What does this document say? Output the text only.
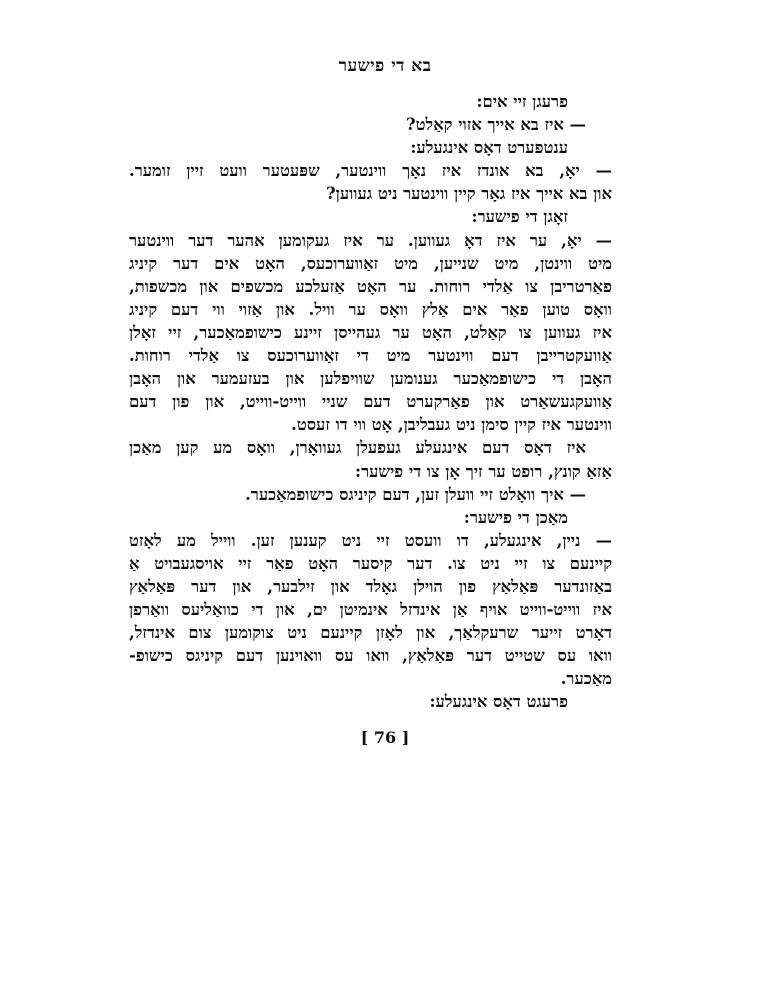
בא די פישער
פרעגן זיי אים:
— איז בא אייך אזוי קאַלט?
ענטפערט דאָס אינגעלע:
— יאָ, בא אונדז איז נאָך ווינטער, שפּעטער וועט זיין זומער.
און בא אייך איז גאָר קיין ווינטער ניט געווען?
זאָגן די פישער:
— יאָ, ער איז דאָ געווען. ער איז געקומען אהער דער ווינטער
מיט ווינטן, מיט שנייען, מיט זאַווערוכעס, האָט אים דער קיניג
פאַרטריבן צו אַלדי רוחות. ער האָט אַזעלכע מכשפים און מכשפות,
וואָס טוען פאַר אים אַלץ וואָס ער וויל. און אַזוי ווי דעם קיניג
איז געווען צו קאַלט, האָט ער געהייסן זיינע כישופמאַכער, זיי זאָלן
אַוועקטרייבן דעם ווינטער מיט די זאַווערוכעס צו אַלדי רוחות.
האָבן די כישופמאַכער גענומען שוויפלען און בעזעמער און האָבן
אַוועקגעשאַרט און פאַרקערט דעם שניי ווייט-ווייט, און פון דעם
ווינטער איז קיין סימן ניט געבליבן, אָט ווי דו זעסט.
איז דאָס דעם אינגעלע געפעלן געוואָרן, וואָס מע קען מאַכן
אַזאַ קונץ, רופט ער זיך אָן צו די פישער:
— איך וואָלט זיי וועלן זען, דעם קיניגס כישופמאַכער.
מאַכן די פישער:
— ניין, אינגעלע, דו וועסט זיי ניט קענען זען. ווייל מע לאָזט
קיינעם צו זיי ניט צו. דער קיסער האָט פאַר זיי אויסגעבויט אַ
באַזונדער פּאַלאַץ פון הוילן גאָלד און זילבער, און דער פּאַלאַץ
איז ווייט-ווייט אויף אַן אינדזל אינמיטן ים, און די כוואַליעס וואַרפן
דאָרט זייער שרעקלאַך, און לאָזן קיינעם ניט צוקומען צום אינדזל,
וואו עס שטייט דער פּאַלאַץ, וואו עס וואוינען דעם קיניגס כישופ-
מאַכער.
פרעגט דאָס אינגעלע:
[ 76 ]
